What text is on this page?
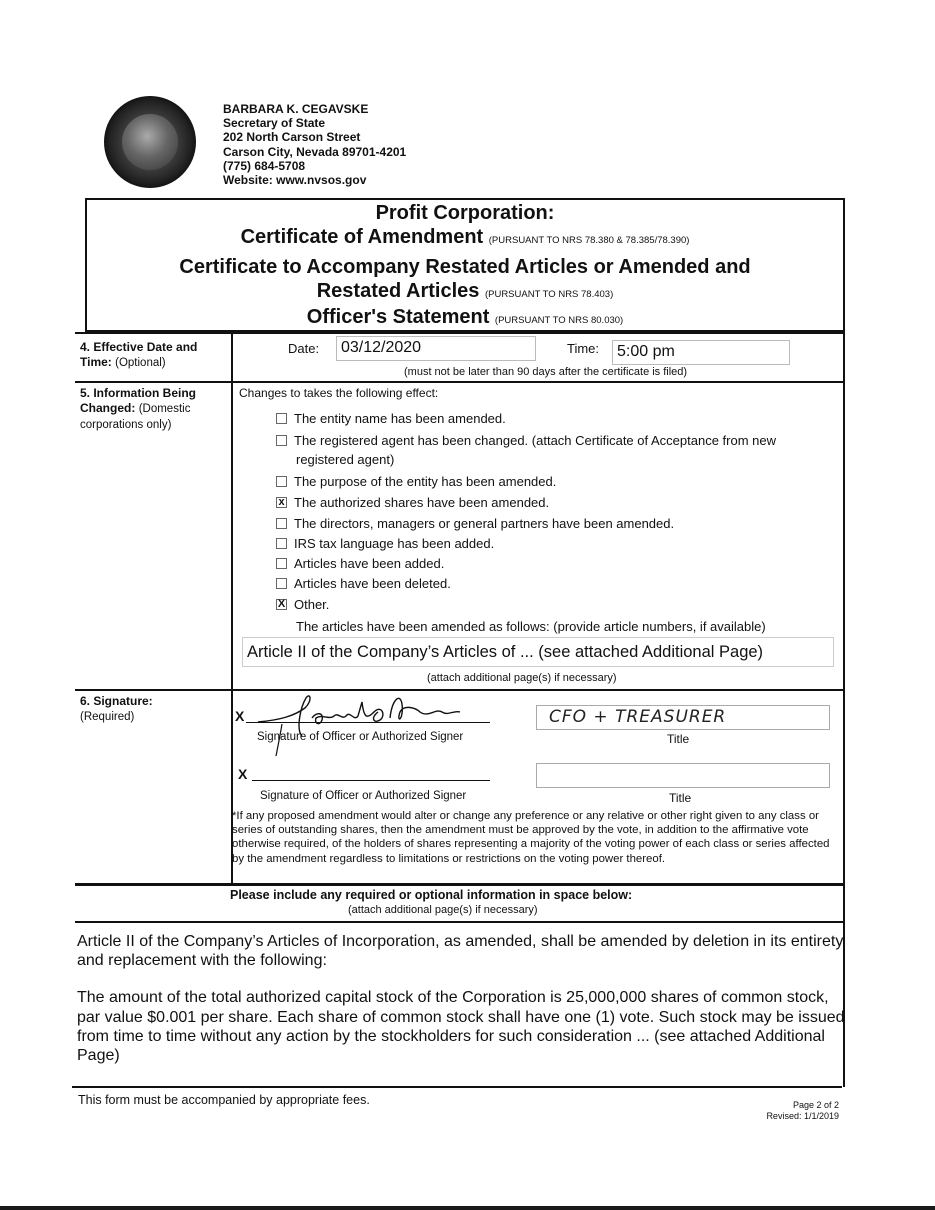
BARBARA K. CEGAVSKE
Secretary of State
202 North Carson Street
Carson City, Nevada 89701-4201
(775) 684-5708
Website: www.nvsos.gov
Profit Corporation:
Certificate of Amendment (PURSUANT TO NRS 78.380 & 78.385/78.390)
Certificate to Accompany Restated Articles or Amended and
Restated Articles (PURSUANT TO NRS 78.403)
Officer's Statement (PURSUANT TO NRS 80.030)
4. Effective Date and
Time: (Optional)
Date:	03/12/2020	Time:	5:00 pm
(must not be later than 90 days after the certificate is filed)
5. Information Being
Changed: (Domestic
corporations only)
Changes to takes the following effect:
The entity name has been amended.
The registered agent has been changed. (attach Certificate of Acceptance from new
registered agent)
The purpose of the entity has been amended.
x The authorized shares have been amended.
The directors, managers or general partners have been amended.
IRS tax language has been added.
Articles have been added.
Articles have been deleted.
X Other.
The articles have been amended as follows: (provide article numbers, if available)
Article II of the Company’s Articles of ... (see attached Additional Page)
(attach additional page(s) if necessary)
6. Signature:
(Required)	X
Signature of Officer or Authorized Signer
CFO + TREASURER
Title
X
Signature of Officer or Authorized Signer	Title
*If any proposed amendment would alter or change any preference or any relative or other right given to any class or series of outstanding shares, then the amendment must be approved by the vote, in addition to the affirmative vote otherwise required, of the holders of shares representing a majority of the voting power of each class or series affected by the amendment regardless to limitations or restrictions on the voting power thereof.
Please include any required or optional information in space below:
(attach additional page(s) if necessary)

Article II of the Company’s Articles of Incorporation, as amended, shall be amended by deletion in its entirety and replacement with the following:

The amount of the total authorized capital stock of the Corporation is 25,000,000 shares of common stock, par value $0.001 per share. Each share of common stock shall have one (1) vote. Such stock may be issued from time to time without any action by the stockholders for such consideration ... (see attached Additional Page)

This form must be accompanied by appropriate fees.	Page 2 of 2
Revised: 1/1/2019
